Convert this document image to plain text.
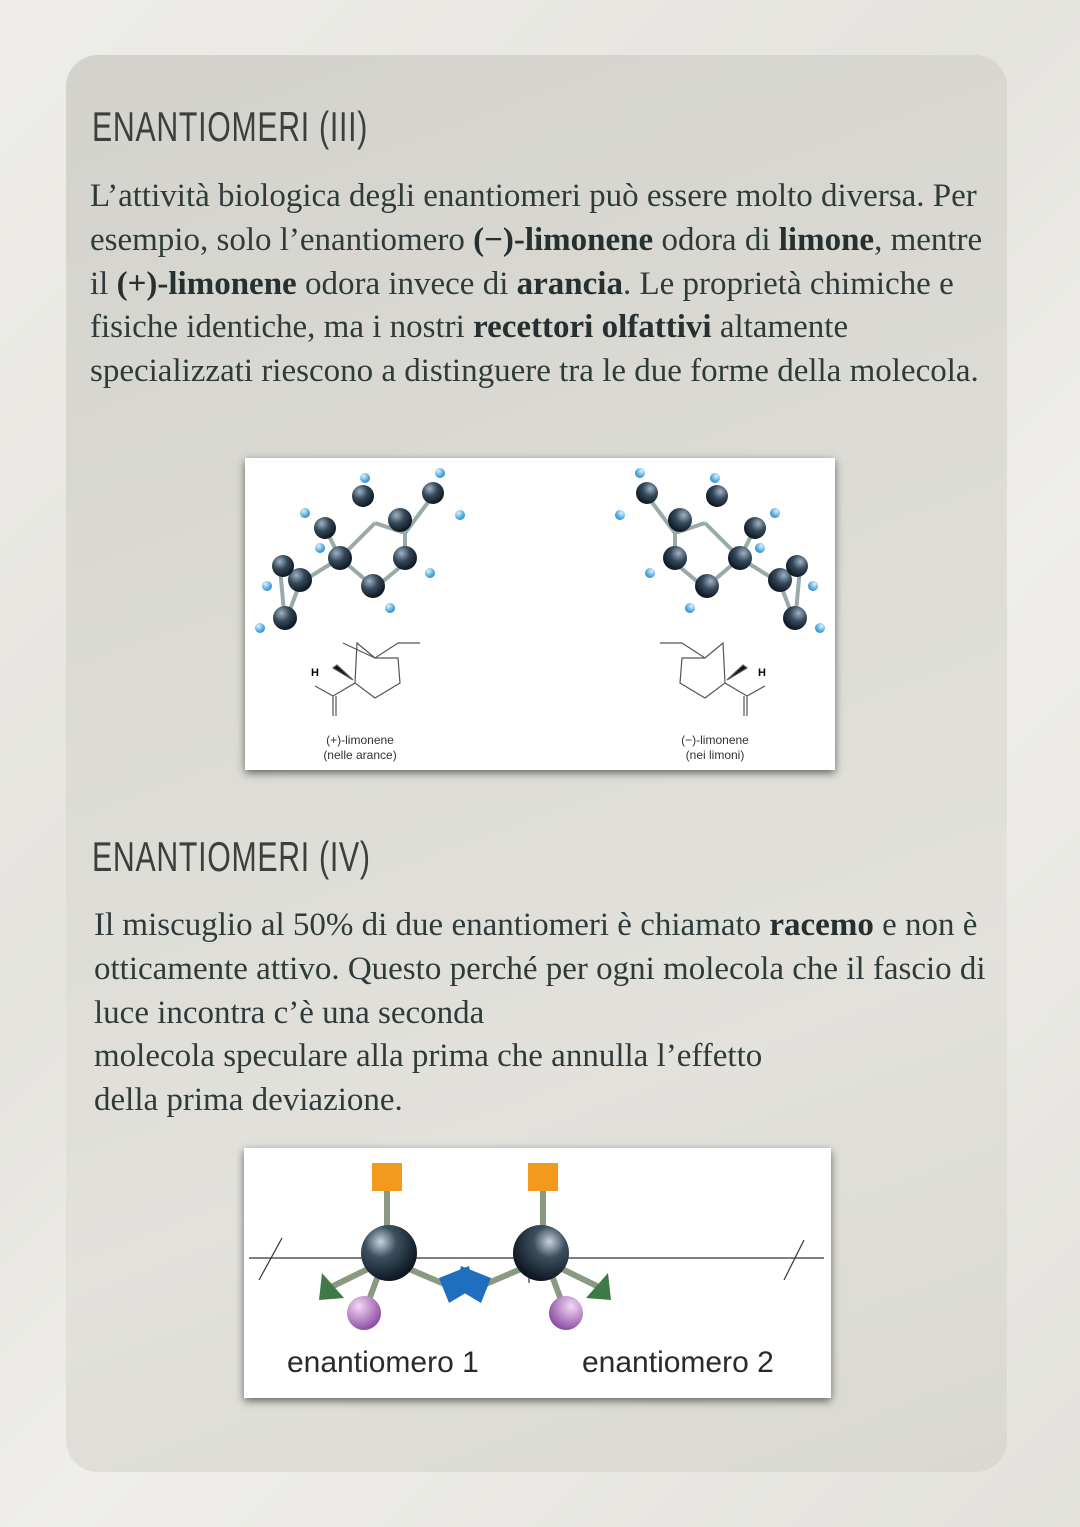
ENANTIOMERI (III)
L’attività biologica degli enantiomeri può essere molto diversa. Per esempio, solo l’enantiomero (−)-limonene odora di limone, mentre il (+)-limonene odora invece di arancia. Le proprietà chimiche e fisiche identiche, ma i nostri recettori olfattivi altamente specializzati riescono a distinguere tra le due forme della molecola.
H	H
(+)-limonene
(nelle arance)
(−)-limonene
(nei limoni)
ENANTIOMERI (IV)
Il miscuglio al 50% di due enantiomeri è chiamato racemo e non è otticamente attivo. Questo perché per ogni molecola che il fascio di luce incontra c’è una seconda
molecola speculare alla prima che annulla l’effetto
della prima deviazione.
enantiomero 1	enantiomero 2
